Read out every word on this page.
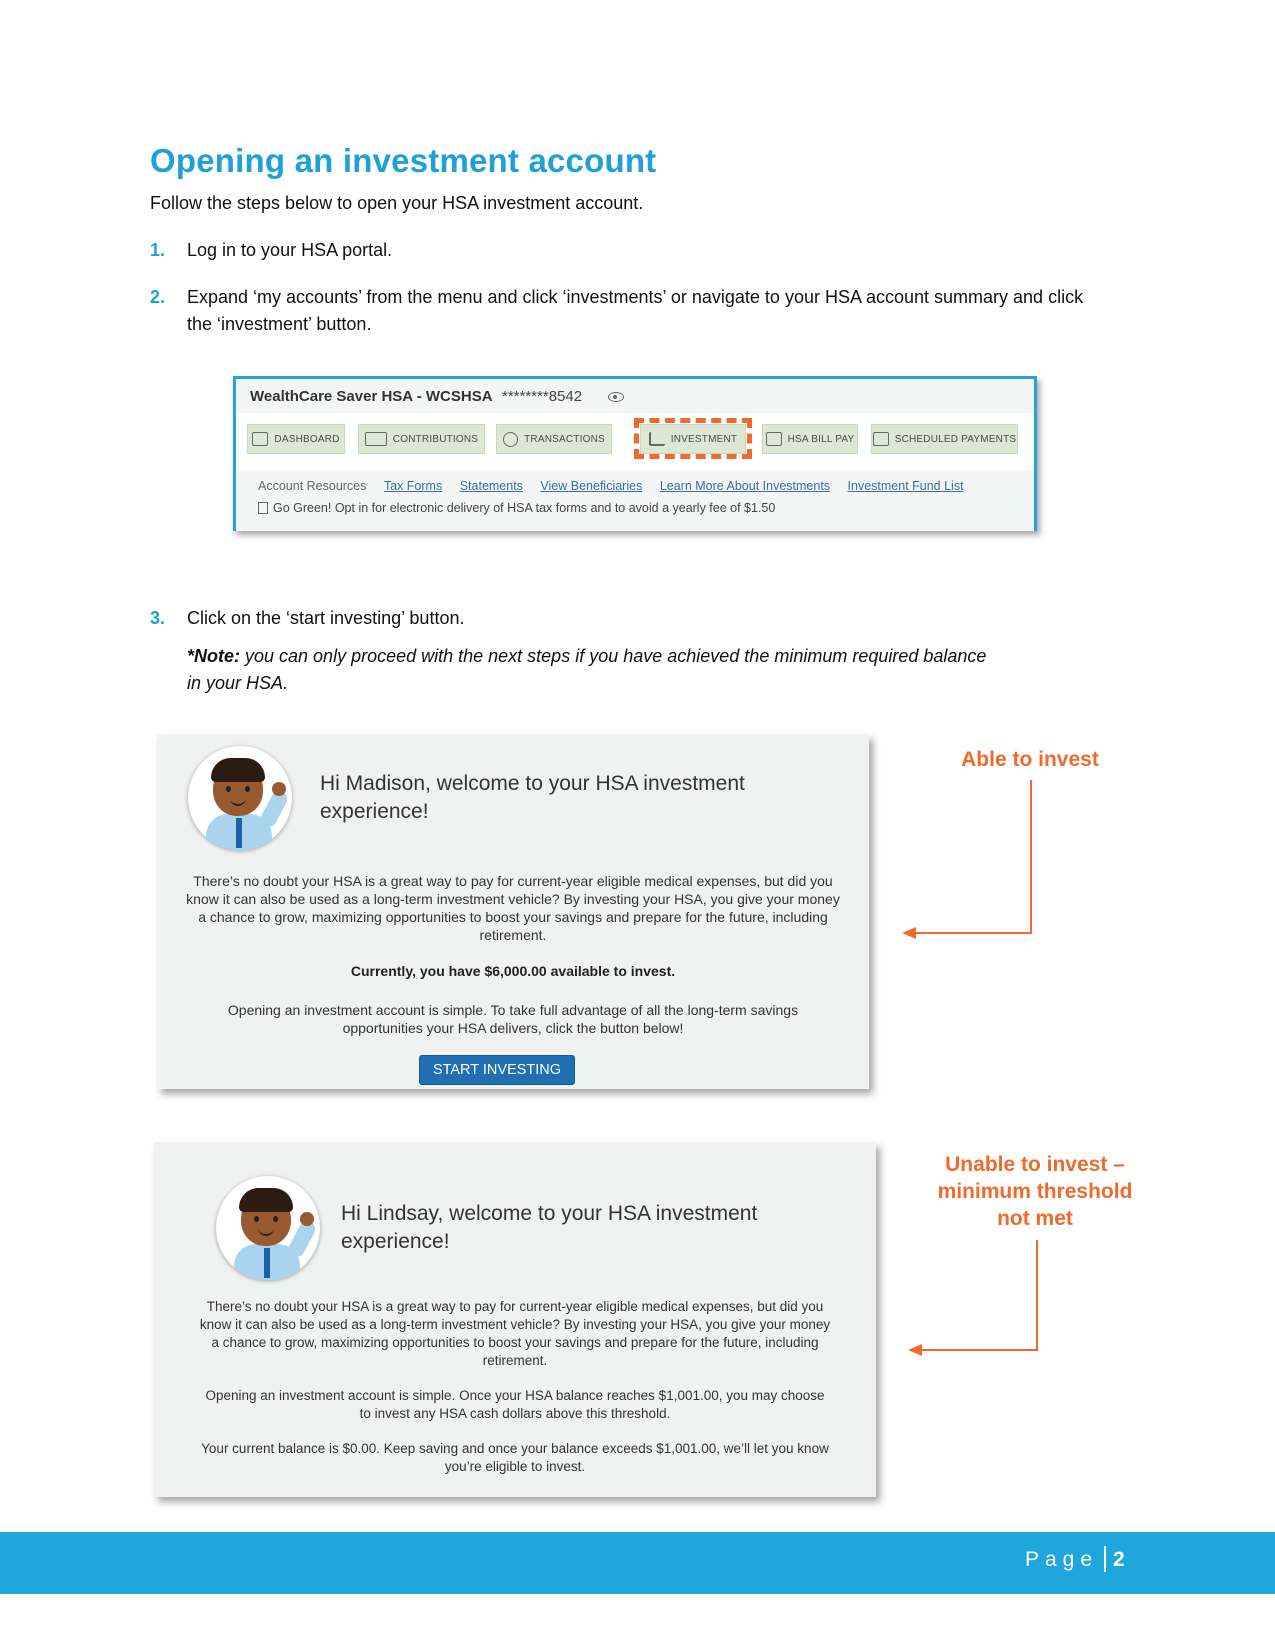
Opening an investment account
Follow the steps below to open your HSA investment account.
1. Log in to your HSA portal.
2. Expand ‘my accounts’ from the menu and click ‘investments’ or navigate to your HSA account summary and click
the ‘investment’ button.
WealthCare Saver HSA - WCSHSA ********8542
DASHBOARD	CONTRIBUTIONS	TRANSACTIONS	INVESTMENT	HSA BILL PAY	SCHEDULED PAYMENTS
Account Resources Tax Forms Statements View Beneficiaries Learn More About Investments Investment Fund List
Go Green! Opt in for electronic delivery of HSA tax forms and to avoid a yearly fee of $1.50
3. Click on the ‘start investing’ button.
*Note: you can only proceed with the next steps if you have achieved the minimum required balance
in your HSA.
Hi Madison, welcome to your HSA investment
experience!
There’s no doubt your HSA is a great way to pay for current-year eligible medical expenses, but did you
know it can also be used as a long-term investment vehicle? By investing your HSA, you give your money
a chance to grow, maximizing opportunities to boost your savings and prepare for the future, including
retirement.
Currently, you have $6,000.00 available to invest.
Opening an investment account is simple. To take full advantage of all the long-term savings
opportunities your HSA delivers, click the button below!
START INVESTING
Hi Lindsay, welcome to your HSA investment
experience!
There’s no doubt your HSA is a great way to pay for current-year eligible medical expenses, but did you
know it can also be used as a long-term investment vehicle? By investing your HSA, you give your money
a chance to grow, maximizing opportunities to boost your savings and prepare for the future, including
retirement.
Opening an investment account is simple. Once your HSA balance reaches $1,001.00, you may choose
to invest any HSA cash dollars above this threshold.
Your current balance is $0.00. Keep saving and once your balance exceeds $1,001.00, we’ll let you know
you’re eligible to invest.
Able to invest
Unable to invest –
minimum threshold
not met
Page 2
